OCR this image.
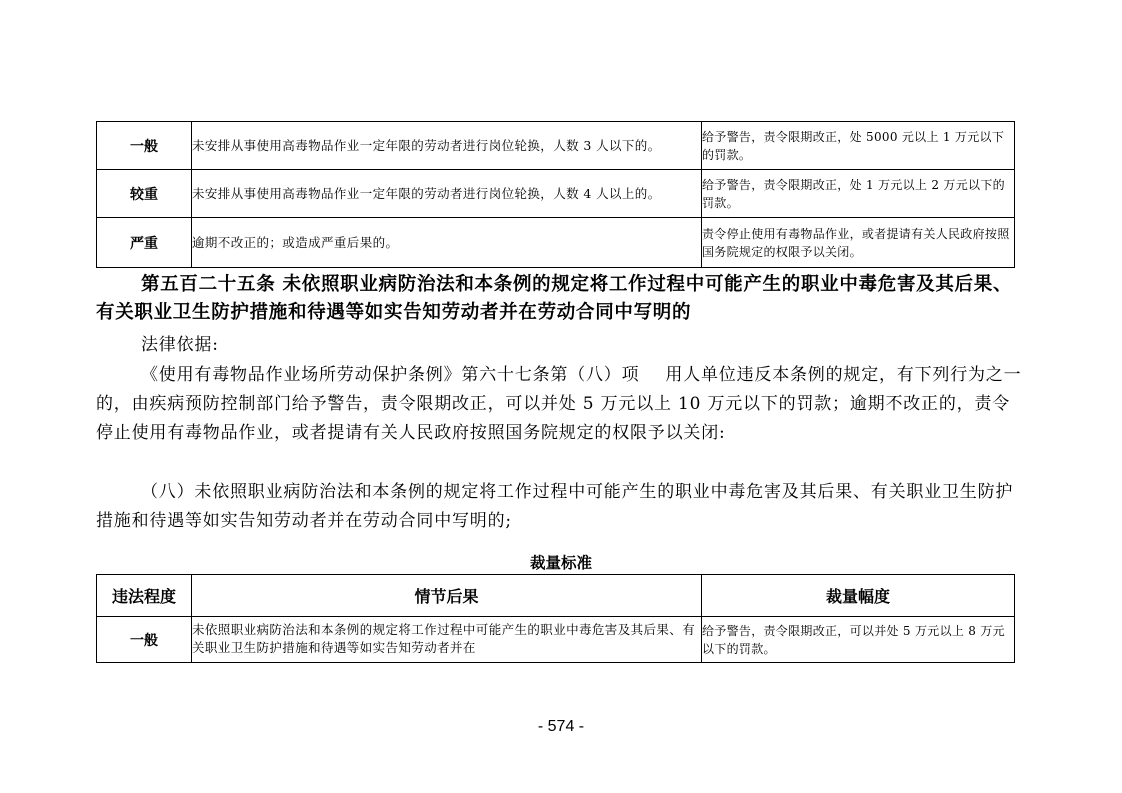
一般	未安排从事使用高毒物品作业一定年限的劳动者进行岗位轮换，人数 3 人以下的。	给予警告，责令限期改正，处 5000 元以上 1 万元以下的罚款。
较重	未安排从事使用高毒物品作业一定年限的劳动者进行岗位轮换，人数 4 人以上的。	给予警告，责令限期改正，处 1 万元以上 2 万元以下的罚款。
严重	逾期不改正的；或造成严重后果的。	责令停止使用有毒物品作业，或者提请有关人民政府按照国务院规定的权限予以关闭。
第五百二十五条 未依照职业病防治法和本条例的规定将工作过程中可能产生的职业中毒危害及其后果、有关职业卫生防护措施和待遇等如实告知劳动者并在劳动合同中写明的
法律依据:
《使用有毒物品作业场所劳动保护条例》第六十七条第（八）项 用人单位违反本条例的规定，有下列行为之一的，由疾病预防控制部门给予警告，责令限期改正，可以并处 5 万元以上 10 万元以下的罚款；逾期不改正的，责令停止使用有毒物品作业，或者提请有关人民政府按照国务院规定的权限予以关闭:
（八）未依照职业病防治法和本条例的规定将工作过程中可能产生的职业中毒危害及其后果、有关职业卫生防护措施和待遇等如实告知劳动者并在劳动合同中写明的;
裁量标准
违法程度	情节后果	裁量幅度
一般	未依照职业病防治法和本条例的规定将工作过程中可能产生的职业中毒危害及其后果、有关职业卫生防护措施和待遇等如实告知劳动者并在	给予警告，责令限期改正，可以并处 5 万元以上 8 万元以下的罚款。
- 574 -
